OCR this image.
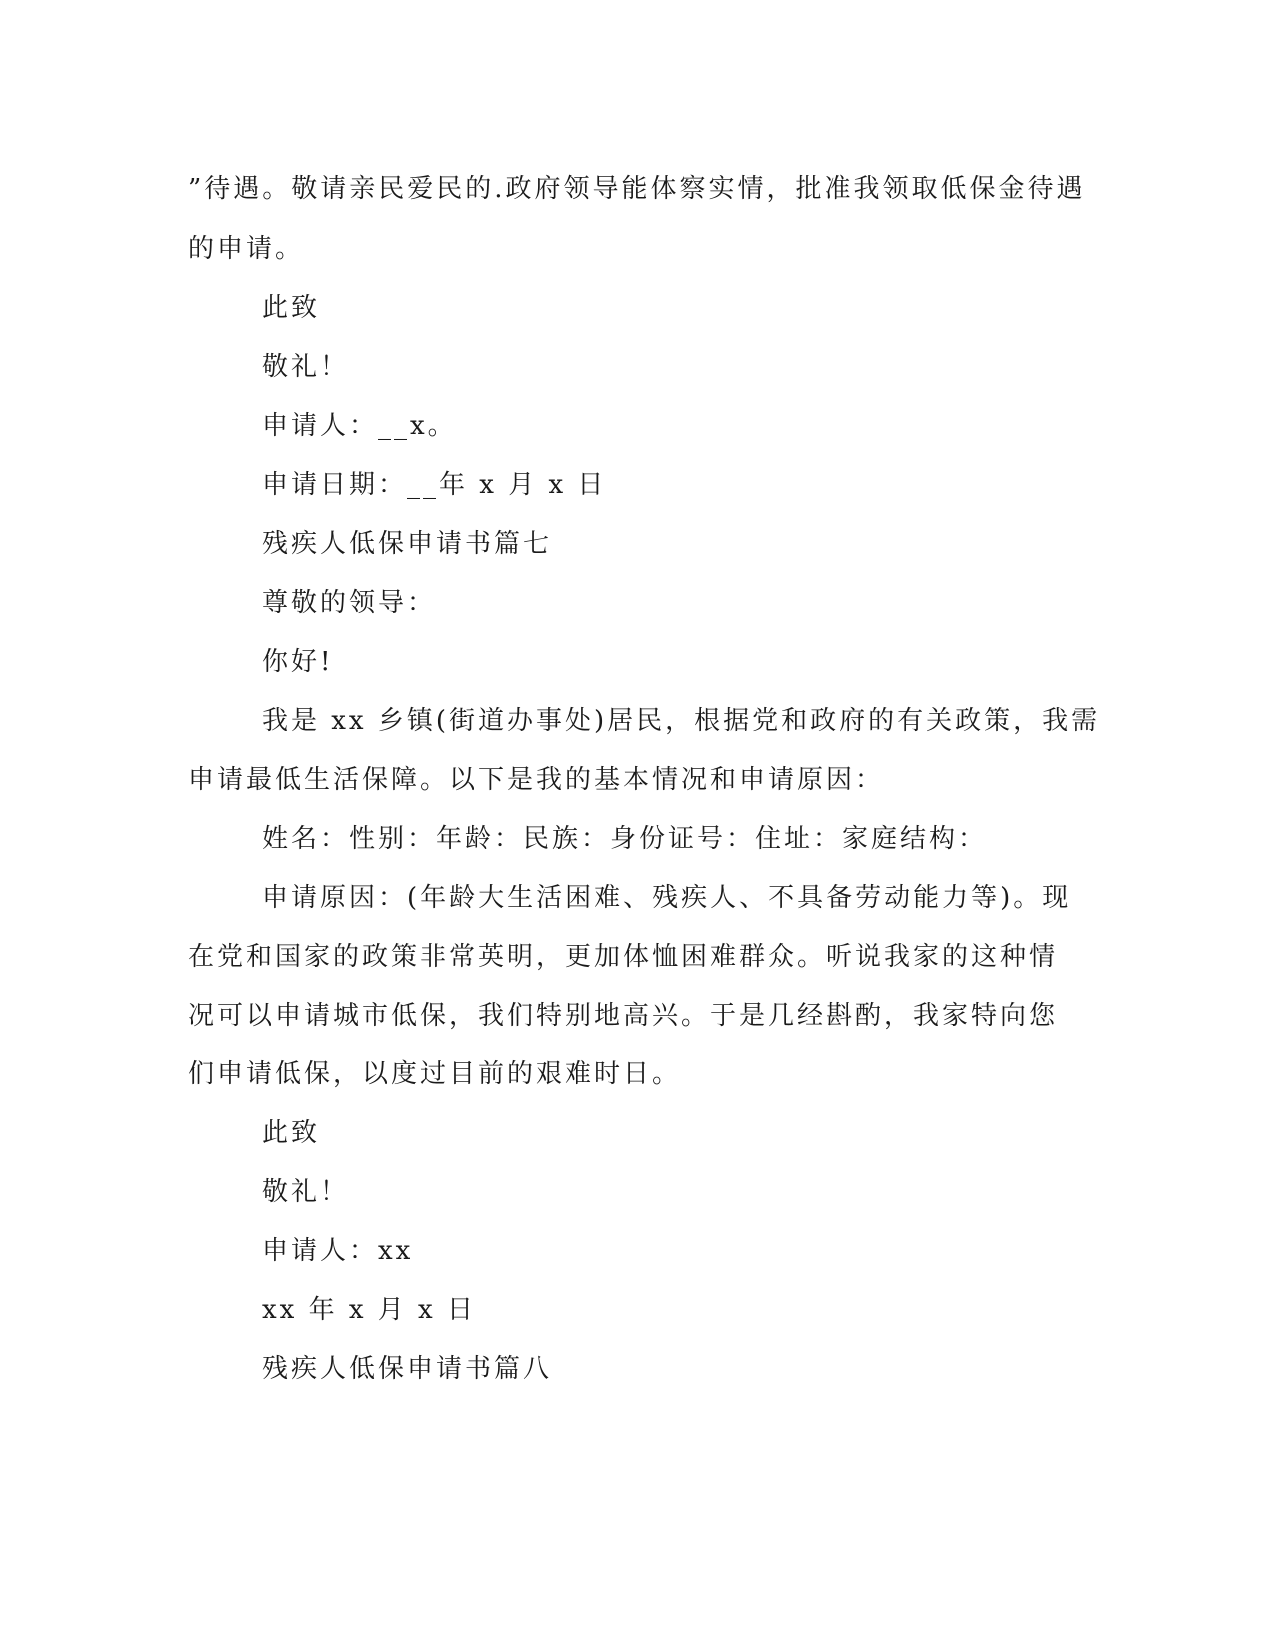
”待遇。敬请亲民爱民的.政府领导能体察实情，批准我领取低保金待遇
的申请。
此致
敬礼！
申请人：__x。
申请日期：__年 x 月 x 日
残疾人低保申请书篇七
尊敬的领导：
你好!
我是 xx 乡镇(街道办事处)居民，根据党和政府的有关政策，我需
申请最低生活保障。以下是我的基本情况和申请原因：
姓名：性别：年龄：民族：身份证号：住址：家庭结构：
申请原因：(年龄大生活困难、残疾人、不具备劳动能力等)。现
在党和国家的政策非常英明，更加体恤困难群众。听说我家的这种情
况可以申请城市低保，我们特别地高兴。于是几经斟酌，我家特向您
们申请低保，以度过目前的艰难时日。
此致
敬礼！
申请人：xx
xx 年 x 月 x 日
残疾人低保申请书篇八
